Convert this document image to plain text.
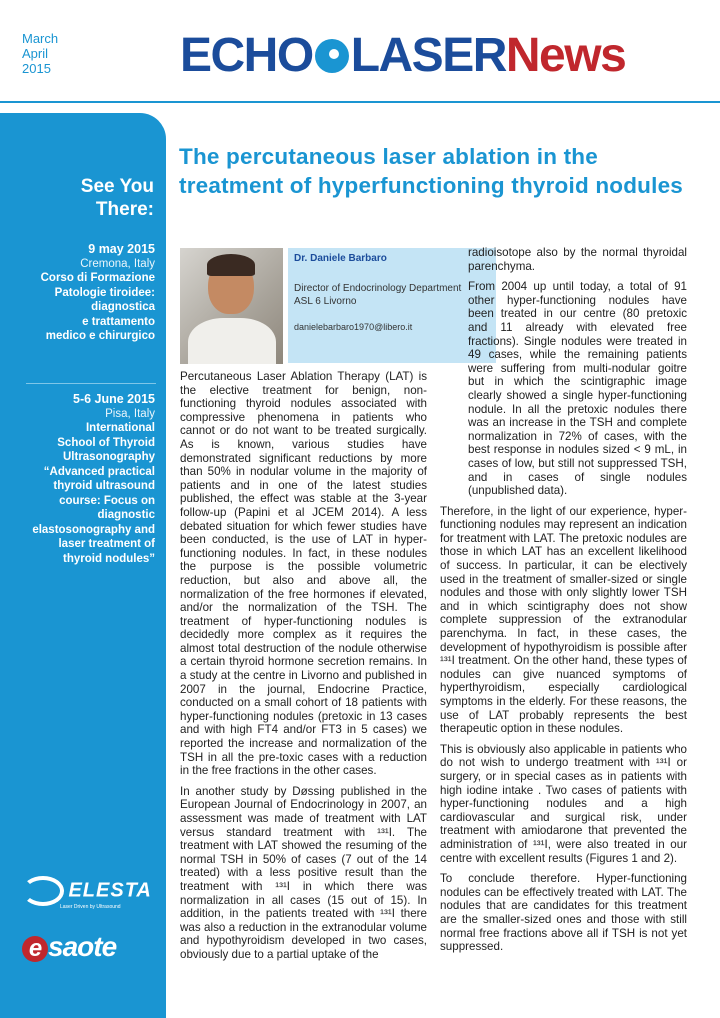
March
April
2015	ECHO LASERNews
See You
There:
9 may 2015
Cremona, Italy
Corso di Formazione
Patologie tiroidee:
diagnostica
e trattamento
medico e chirurgico
5-6 June 2015
Pisa, Italy
International
School of Thyroid
Ultrasonography
“Advanced practical
thyroid ultrasound
course: Focus on
diagnostic
elastosonography and
laser treatment of
thyroid nodules”
ELESTA
Laser Driven by Ultrasound
e saote
The percutaneous laser ablation in the treatment of hyperfunctioning thyroid nodules
Dr. Daniele Barbaro
Director of Endocrinology Department
ASL 6 Livorno
danielebarbaro1970@libero.it

Percutaneous Laser Ablation Therapy (LAT) is the elective treatment for benign, non-functioning thyroid nodules associated with compressive phenomena in patients who cannot or do not want to be treated surgically. As is known, various studies have demonstrated significant reductions by more than 50% in nodular volume in the majority of patients and in one of the latest studies published, the effect was stable at the 3-year follow-up (Papini et al JCEM 2014). A less debated situation for which fewer studies have been conducted, is the use of LAT in hyper-functioning nodules. In fact, in these nodules the purpose is the possible volumetric reduction, but also and above all, the normalization of the free hormones if elevated, and/or the normalization of the TSH. The treatment of hyper-functioning nodules is decidedly more complex as it requires the almost total destruction of the nodule otherwise a certain thyroid hormone secretion remains. In a study at the centre in Livorno and published in 2007 in the journal, Endocrine Practice, conducted on a small cohort of 18 patients with hyper-functioning nodules (pretoxic in 13 cases and with high FT4 and/or FT3 in 5 cases) we reported the increase and normalization of the TSH in all the pre-toxic cases with a reduction in the free fractions in the other cases.

In another study by Døssing published in the European Journal of Endocrinology in 2007, an assessment was made of treatment with LAT versus standard treatment with ¹³¹I. The treatment with LAT showed the resuming of the normal TSH in 50% of cases (7 out of the 14 treated) with a less positive result than the treatment with ¹³¹I in which there was normalization in all cases (15 out of 15). In addition, in the patients treated with ¹³¹I there was also a reduction in the extranodular volume and hypothyroidism developed in two cases, obviously due to a partial uptake of the

radioisotope also by the normal thyroidal parenchyma.

From 2004 up until today, a total of 91 other hyper-functioning nodules have been treated in our centre (80 pretoxic and 11 already with elevated free fractions). Single nodules were treated in 49 cases, while the remaining patients were suffering from multi-nodular goitre but in which the scintigraphic image clearly showed a single hyper-functioning nodule. In all the pretoxic nodules there was an increase in the TSH and complete normalization in 72% of cases, with the best response in nodules sized < 9 mL, in cases of low, but still not suppressed TSH, and in cases of single nodules (unpublished data).

Therefore, in the light of our experience, hyper-functioning nodules may represent an indication for treatment with LAT. The pretoxic nodules are those in which LAT has an excellent likelihood of success. In particular, it can be electively used in the treatment of smaller-sized or single nodules and those with only slightly lower TSH and in which scintigraphy does not show complete suppression of the extranodular parenchyma. In fact, in these cases, the development of hypothyroidism is possible after ¹³¹I treatment. On the other hand, these types of nodules can give nuanced symptoms of hyperthyroidism, especially cardiological symptoms in the elderly. For these reasons, the use of LAT probably represents the best therapeutic option in these nodules.

This is obviously also applicable in patients who do not wish to undergo treatment with ¹³¹I or surgery, or in special cases as in patients with high iodine intake . Two cases of patients with hyper-functioning nodules and a high cardiovascular and surgical risk, under treatment with amiodarone that prevented the administration of ¹³¹I, were also treated in our centre with excellent results (Figures 1 and 2).

To conclude therefore. Hyper-functioning nodules can be effectively treated with LAT. The nodules that are candidates for this treatment are the smaller-sized ones and those with still normal free fractions above all if TSH is not yet suppressed.
